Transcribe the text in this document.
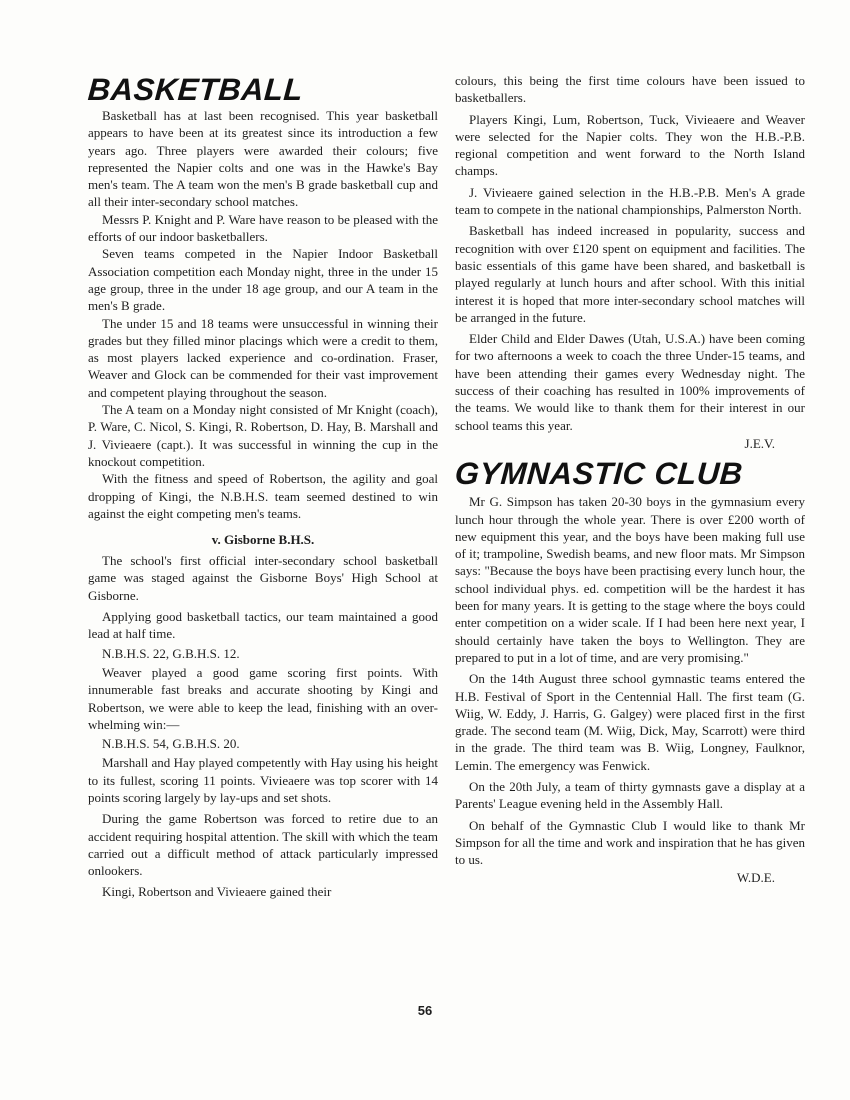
BASKETBALL

Basketball has at last been recognised. This year basketball appears to have been at its greatest since its introduction a few years ago. Three players were awarded their colours; five represented the Napier colts and one was in the Hawke's Bay men's team. The A team won the men's B grade basketball cup and all their inter-secondary school matches.

Messrs P. Knight and P. Ware have reason to be pleased with the efforts of our indoor basketballers.

Seven teams competed in the Napier Indoor Basketball Association competition each Monday night, three in the under 15 age group, three in the under 18 age group, and our A team in the men's B grade.

The under 15 and 18 teams were unsuccessful in winning their grades but they filled minor placings which were a credit to them, as most players lacked experience and co-ordination. Fraser, Weaver and Glock can be commended for their vast improvement and competent playing throughout the season.

The A team on a Monday night consisted of Mr Knight (coach), P. Ware, C. Nicol, S. Kingi, R. Robertson, D. Hay, B. Marshall and J. Vivieaere (capt.). It was successful in winning the cup in the knockout competition.

With the fitness and speed of Robertson, the agility and goal dropping of Kingi, the N.B.H.S. team seemed destined to win against the eight competing men's teams.

v. Gisborne B.H.S.

The school's first official inter-secondary school basketball game was staged against the Gisborne Boys' High School at Gisborne.

Applying good basketball tactics, our team maintained a good lead at half time.

N.B.H.S. 22, G.B.H.S. 12.

Weaver played a good game scoring first points. With innumerable fast breaks and accurate shooting by Kingi and Robertson, we were able to keep the lead, finishing with an over-whelming win:—

N.B.H.S. 54, G.B.H.S. 20.

Marshall and Hay played competently with Hay using his height to its fullest, scoring 11 points. Vivieaere was top scorer with 14 points scoring largely by lay-ups and set shots.

During the game Robertson was forced to retire due to an accident requiring hospital attention. The skill with which the team carried out a difficult method of attack particularly impressed onlookers.

Kingi, Robertson and Vivieaere gained their

colours, this being the first time colours have been issued to basketballers.

Players Kingi, Lum, Robertson, Tuck, Vivieaere and Weaver were selected for the Napier colts. They won the H.B.-P.B. regional competition and went forward to the North Island champs.

J. Vivieaere gained selection in the H.B.-P.B. Men's A grade team to compete in the national championships, Palmerston North.

Basketball has indeed increased in popularity, success and recognition with over £120 spent on equipment and facilities. The basic essentials of this game have been shared, and basketball is played regularly at lunch hours and after school. With this initial interest it is hoped that more inter-secondary school matches will be arranged in the future.

Elder Child and Elder Dawes (Utah, U.S.A.) have been coming for two afternoons a week to coach the three Under-15 teams, and have been attending their games every Wednesday night. The success of their coaching has resulted in 100% improvements of the teams. We would like to thank them for their interest in our school teams this year.

J.E.V.

GYMNASTIC CLUB

Mr G. Simpson has taken 20-30 boys in the gymnasium every lunch hour through the whole year. There is over £200 worth of new equipment this year, and the boys have been making full use of it; trampoline, Swedish beams, and new floor mats. Mr Simpson says: "Because the boys have been practising every lunch hour, the school individual phys. ed. competition will be the hardest it has been for many years. It is getting to the stage where the boys could enter competition on a wider scale. If I had been here next year, I should certainly have taken the boys to Wellington. They are prepared to put in a lot of time, and are very promising."

On the 14th August three school gymnastic teams entered the H.B. Festival of Sport in the Centennial Hall. The first team (G. Wiig, W. Eddy, J. Harris, G. Galgey) were placed first in the first grade. The second team (M. Wiig, Dick, May, Scarrott) were third in the grade. The third team was B. Wiig, Longney, Faulknor, Lemin. The emergency was Fenwick.

On the 20th July, a team of thirty gymnasts gave a display at a Parents' League evening held in the Assembly Hall.

On behalf of the Gymnastic Club I would like to thank Mr Simpson for all the time and work and inspiration that he has given to us.

W.D.E.

56
